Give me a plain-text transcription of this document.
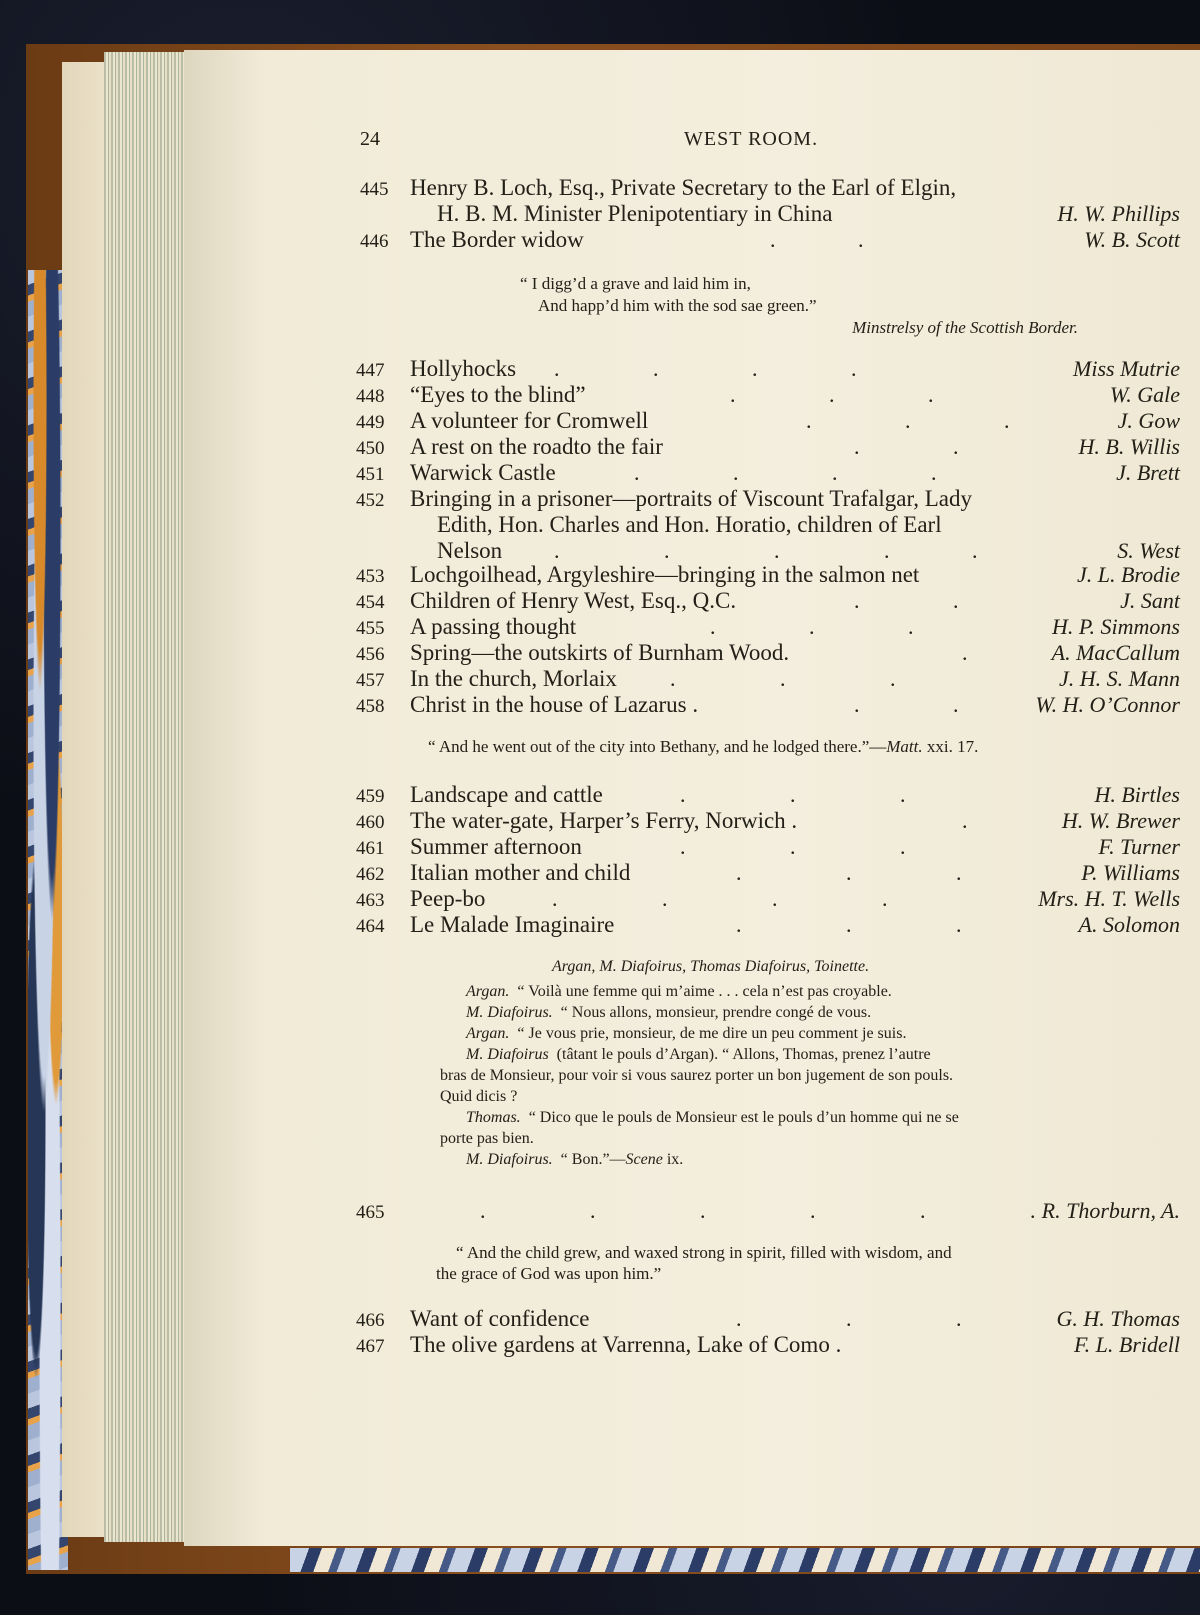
24	WEST ROOM.
445 Henry B. Loch, Esq., Private Secretary to the Earl of Elgin,
H. B. M. Minister Plenipotentiary in China	H. W. Phillips
446 The Border widow	.               .	W. B. Scott
“ I digg’d a grave and laid him in,
And happ’d him with the sod sae green.”
Minstrelsy of the Scottish Border.
447 Hollyhocks .                 .                 .                 .	Miss Mutrie
448 “Eyes to the blind”	.                 .                 .	W. Gale
449 A volunteer for Cromwell	.                 .                 .	J. Gow
450 A rest on the roadto the fair	.                 .	H. B. Willis
451 Warwick Castle	.                 .                 .                 .	J. Brett
452 Bringing in a prisoner—portraits of Viscount Trafalgar, Lady
Edith, Hon. Charles and Hon. Horatio, children of Earl
Nelson .                   .                   .                   .               .	S. West
453 Lochgoilhead, Argyleshire—bringing in the salmon net	J. L. Brodie
454 Children of Henry West, Esq., Q.C.	.                 .	J. Sant
455 A passing thought	.                 .                 .	H. P. Simmons
456 Spring—the outskirts of Burnham Wood.	.	A. MacCallum
457 In the church, Morlaix .                   .                   .	J. H. S. Mann
458 Christ in the house of Lazarus .	.                 .	W. H. O’Connor
“ And he went out of the city into Bethany, and he lodged there.”—Matt. xxi. 17.
459 Landscape and cattle	.                   .                   .	H. Birtles
460 The water-gate, Harper’s Ferry, Norwich .	.	H. W. Brewer
461 Summer afternoon	.                   .                   .	F. Turner
462 Italian mother and child	.                   .                   .	P. Williams
463 Peep-bo	.                   .                   .                   .	Mrs. H. T. Wells
464 Le Malade Imaginaire	.                   .                   .	A. Solomon
Argan, M. Diafoirus, Thomas Diafoirus, Toinette.
Argan. “ Voilà une femme qui m’aime . . . cela n’est pas croyable.
M. Diafoirus. “ Nous allons, monsieur, prendre congé de vous.
Argan. “ Je vous prie, monsieur, de me dire un peu comment je suis.
M. Diafoirus (tâtant le pouls d’Argan). “ Allons, Thomas, prenez l’autre
bras de Monsieur, pour voir si vous saurez porter un bon jugement de son pouls.
Quid dicis ?
Thomas. “ Dico que le pouls de Monsieur est le pouls d’un homme qui ne se
porte pas bien.
M. Diafoirus. “ Bon.”—Scene ix.
465	.                   .                   .                   .                   .                   . R. Thorburn, A.
“ And the child grew, and waxed strong in spirit, filled with wisdom, and
the grace of God was upon him.”
466 Want of confidence	.                   .                   .	G. H. Thomas
467 The olive gardens at Varrenna, Lake of Como .	F. L. Bridell
